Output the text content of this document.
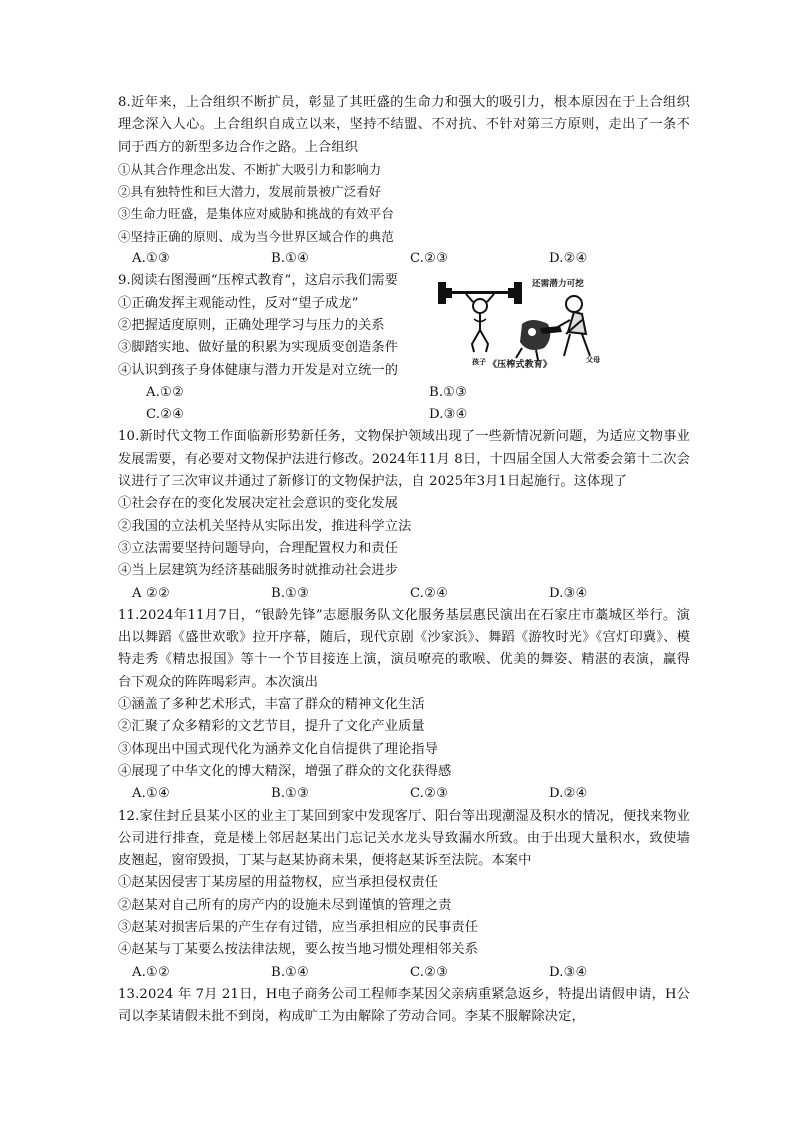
8.近年来，上合组织不断扩员，彰显了其旺盛的生命力和强大的吸引力，根本原因在于上合组织理念深入人心。上合组织自成立以来，坚持不结盟、不对抗、不针对第三方原则，走出了一条不同于西方的新型多边合作之路。上合组织

①从其合作理念出发、不断扩大吸引力和影响力

②具有独特性和巨大潜力，发展前景被广泛看好

③生命力旺盛，是集体应对威胁和挑战的有效平台

④坚持正确的原则、成为当今世界区域合作的典范

A.①③	B.①④	C.②③	D.②④

9.阅读右图漫画“压榨式教育”，这启示我们需要

①正确发挥主观能动性，反对“望子成龙”

②把握适度原则，正确处理学习与压力的关系

③脚踏实地、做好量的积累为实现质变创造条件

④认识到孩子身体健康与潜力开发是对立统一的

A.①②	B.①③
C.②④	D.③④
孩子
还需潜力可挖
父母
《压榨式教育》

10.新时代文物工作面临新形势新任务，文物保护领域出现了一些新情况新问题，为适应文物事业发展需要，有必要对文物保护法进行修改。2024年11月 8日，十四届全国人大常委会第十二次会议进行了三次审议并通过了新修订的文物保护法，自 2025年3月1日起施行。这体现了

①社会存在的变化发展决定社会意识的变化发展

②我国的立法机关坚持从实际出发，推进科学立法

③立法需要坚持问题导向，合理配置权力和责任

④当上层建筑为经济基础服务时就推动社会进步

A ②②	B.①③	C.②④	D.③④

11.2024年11月7日，“银龄先锋”志愿服务队文化服务基层惠民演出在石家庄市藁城区举行。演出以舞蹈《盛世欢歌》拉开序幕，随后，现代京剧《沙家浜》、舞蹈《游牧时光》《宫灯印冀》、模特走秀《精忠报国》等十一个节目接连上演，演员嘹亮的歌喉、优美的舞姿、精湛的表演，赢得台下观众的阵阵喝彩声。本次演出

①涵盖了多种艺术形式，丰富了群众的精神文化生活

②汇聚了众多精彩的文艺节目，提升了文化产业质量

③体现出中国式现代化为涵养文化自信提供了理论指导

④展现了中华文化的博大精深，增强了群众的文化获得感

A.①④	B.①③	C.②③	D.②④

12.家住封丘县某小区的业主丁某回到家中发现客厅、阳台等出现潮湿及积水的情况，便找来物业公司进行排查，竟是楼上邻居赵某出门忘记关水龙头导致漏水所致。由于出现大量积水，致使墙皮翘起，窗帘毁损，丁某与赵某协商未果，便将赵某诉至法院。本案中

①赵某因侵害丁某房屋的用益物权，应当承担侵权责任

②赵某对自己所有的房产内的设施未尽到谨慎的管理之责

③赵某对损害后果的产生存有过错，应当承担相应的民事责任

④赵某与丁某要么按法律法规，要么按当地习惯处理相邻关系

A.①②	B.①④	C.②③	D.③④

13.2024 年 7月 21日，H电子商务公司工程师李某因父亲病重紧急返乡，特提出请假申请，H公司以李某请假未批不到岗，构成旷工为由解除了劳动合同。李某不服解除决定，
